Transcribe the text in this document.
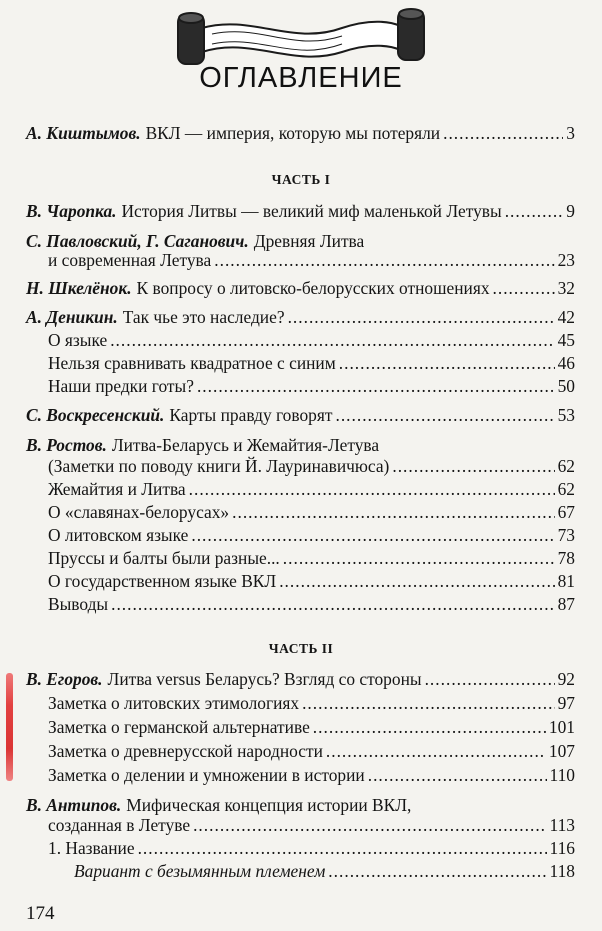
ОГЛАВЛЕНИЕ
А. Киштымов. ВКЛ — империя, которую мы потеряли .....	3
ЧАСТЬ I
В. Чаропка. История Литвы — великий миф маленькой Летувы .....	9
С. Павловский, Г. Саганович. Древняя Литва
и современная Летува .....	23
Н. Шкелёнок. К вопросу о литовско-белорусских отношениях .....	32
А. Деникин. Так чье это наследие? .....	42
О языке .....	45
Нельзя сравнивать квадратное с синим .....	46
Наши предки готы? .....	50
С. Воскресенский. Карты правду говорят .....	53
В. Ростов. Литва-Беларусь и Жемайтия-Летува
(Заметки по поводу книги Й. Лауринавичюса) .....	62
Жемайтия и Литва .....	62
О «славянах-белорусах» .....	67
О литовском языке .....	73
Пруссы и балты были разные... .....	78
О государственном языке ВКЛ .....	81
Выводы .....	87
ЧАСТЬ II
В. Егоров. Литва versus Беларусь? Взгляд со стороны .....	92
Заметка о литовских этимологиях .....	97
Заметка о германской альтернативе .....	101
Заметка о древнерусской народности .....	107
Заметка о делении и умножении в истории .....	110
В. Антипов. Мифическая концепция истории ВКЛ,
созданная в Летуве .....	113
1. Название .....	116
Вариант с безымянным племенем .....	118
174
